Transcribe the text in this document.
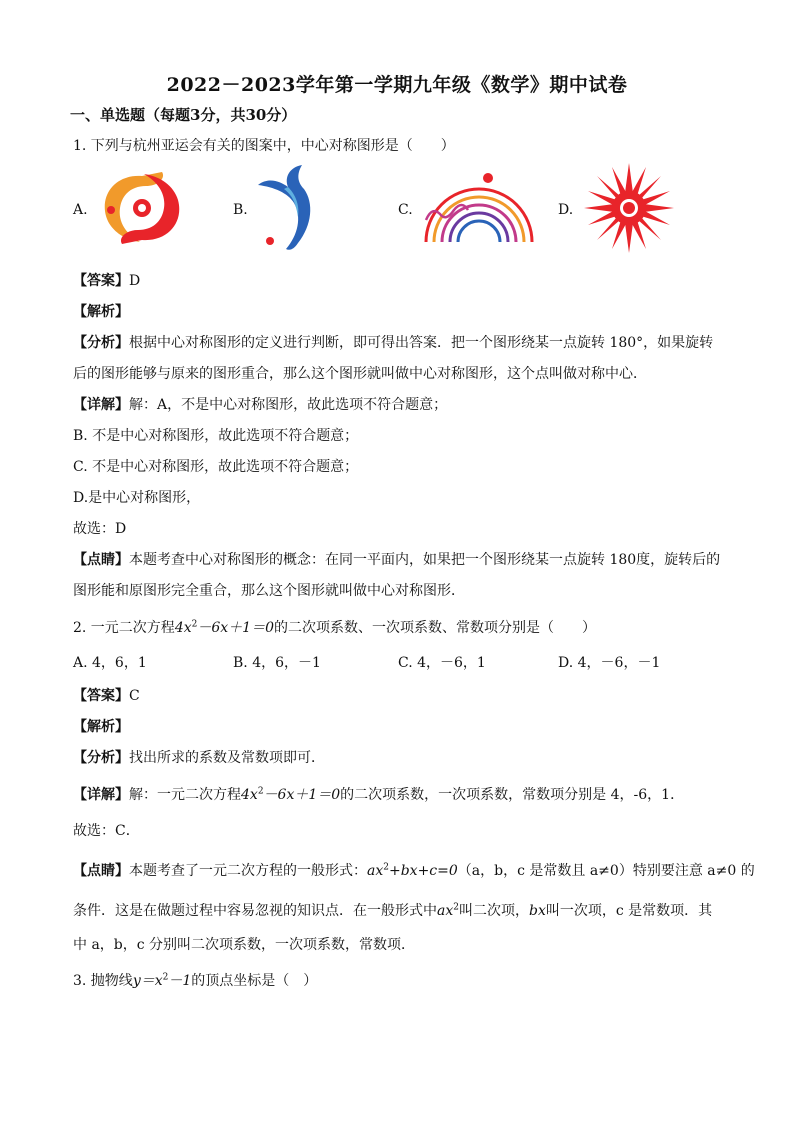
2022－2023学年第一学期九年级《数学》期中试卷
一、单选题（每题3分，共30分）
1. 下列与杭州亚运会有关的图案中，中心对称图形是（　　）
A.	B.	C.	D.
【答案】D
【解析】
【分析】根据中心对称图形的定义进行判断，即可得出答案．把一个图形绕某一点旋转 180°，如果旋转
后的图形能够与原来的图形重合，那么这个图形就叫做中心对称图形，这个点叫做对称中心．
【详解】解：A，不是中心对称图形，故此选项不符合题意；
B. 不是中心对称图形，故此选项不符合题意；
C. 不是中心对称图形，故此选项不符合题意；
D.是中心对称图形，
故选：D
【点睛】本题考查中心对称图形的概念：在同一平面内，如果把一个图形绕某一点旋转 180度，旋转后的
图形能和原图形完全重合，那么这个图形就叫做中心对称图形．
2. 一元二次方程$4x^2-6x+1=0$的二次项系数、一次项系数、常数项分别是（　　）
A. 4，6，1	B. 4，6，－1	C. 4，－6，1	D. 4，－6，－1
【答案】C
【解析】
【分析】找出所求的系数及常数项即可．
【详解】解：一元二次方程$4x^2-6x+1=0$的二次项系数，一次项系数，常数项分别是 4，-6，1．
故选：C．
【点睛】本题考查了一元二次方程的一般形式：$ax^2+bx+c=0(a$，b，c 是常数且 a≠0）特别要注意 a≠0 的
条件．这是在做题过程中容易忽视的知识点．在一般形式中$ax^2$叫二次项，bx叫一次项，c 是常数项．其
中 a，b，c 分别叫二次项系数，一次项系数，常数项．
3. 抛物线$y=x^2-1$的顶点坐标是（　）
